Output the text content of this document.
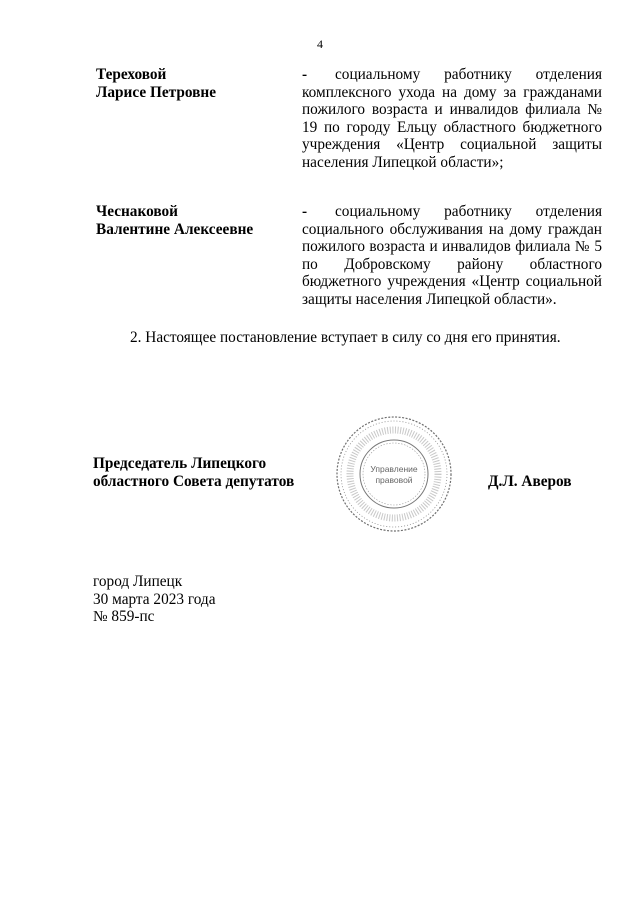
4
Тереховой
Ларисе Петровне
-	социальному работнику отделения комплексного ухода на дому за гражданами пожилого возраста и инвалидов филиала № 19 по городу Ельцу областного бюджетного учреждения «Центр социальной защиты населения Липецкой области»;
Чеснаковой
Валентине Алексеевне
-	социальному работнику отделения социального обслуживания на дому граждан пожилого возраста и инвалидов филиала № 5 по Добровскому району областного бюджетного учреждения «Центр социальной защиты населения Липецкой области».
2. Настоящее постановление вступает в силу со дня его принятия.
Председатель Липецкого
областного Совета депутатов
Управление
правовой	Д.Л. Аверов
город Липецк
30 марта 2023 года
№ 859-пс
